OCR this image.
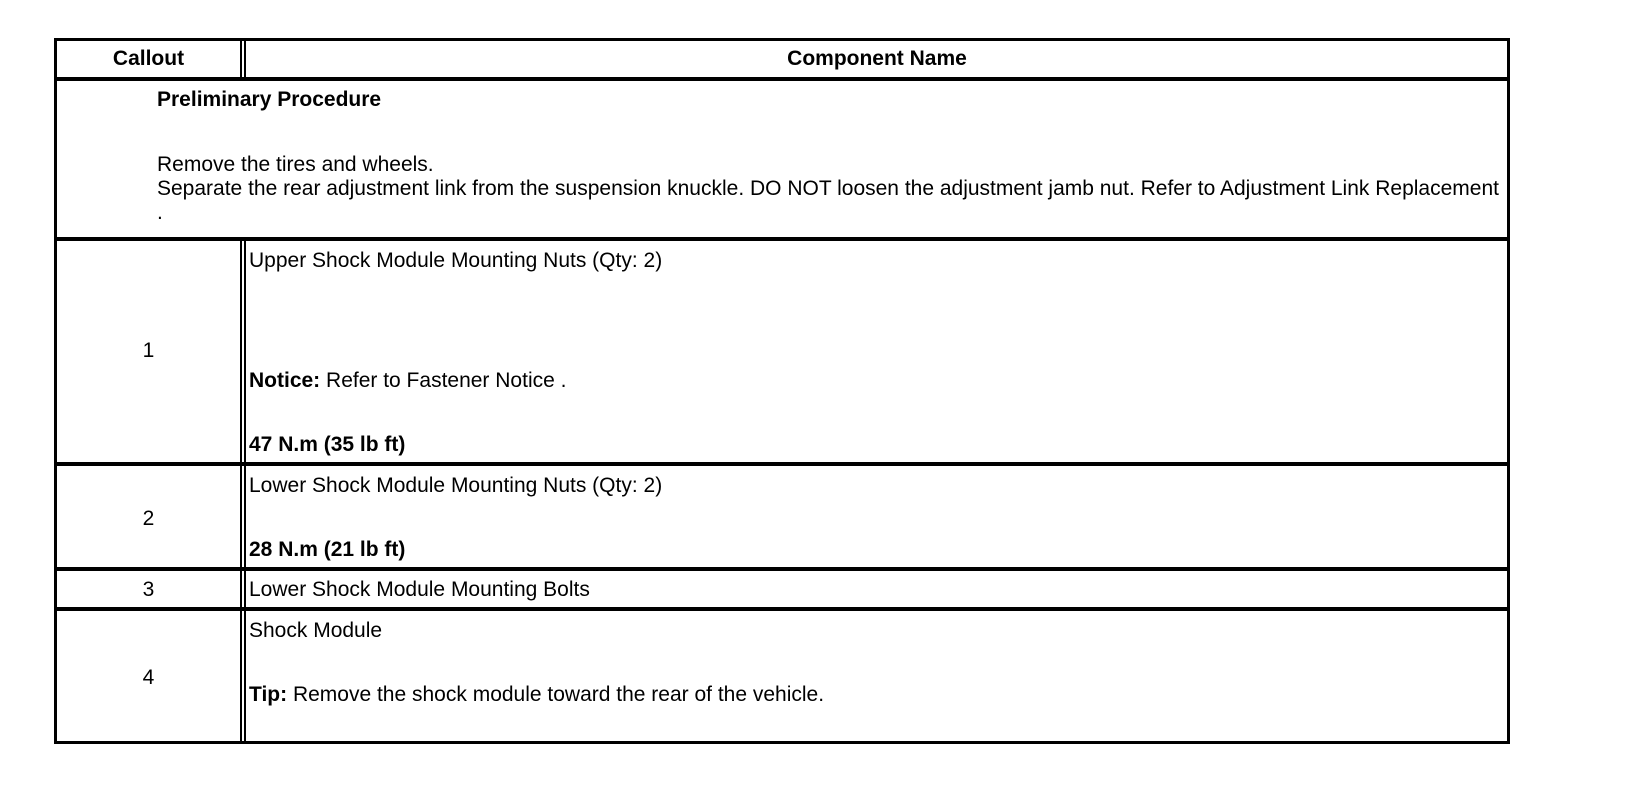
Callout	Component Name
Preliminary Procedure

Remove the tires and wheels.

Separate the rear adjustment link from the suspension knuckle. DO NOT loosen the adjustment jamb nut. Refer to Adjustment Link Replacement .

1
Upper Shock Module Mounting Nuts (Qty: 2)
Notice: Refer to Fastener Notice .
47 N.m (35 lb ft)
2
Lower Shock Module Mounting Nuts (Qty: 2)
28 N.m (21 lb ft)
3	Lower Shock Module Mounting Bolts
4
Shock Module
Tip: Remove the shock module toward the rear of the vehicle.
